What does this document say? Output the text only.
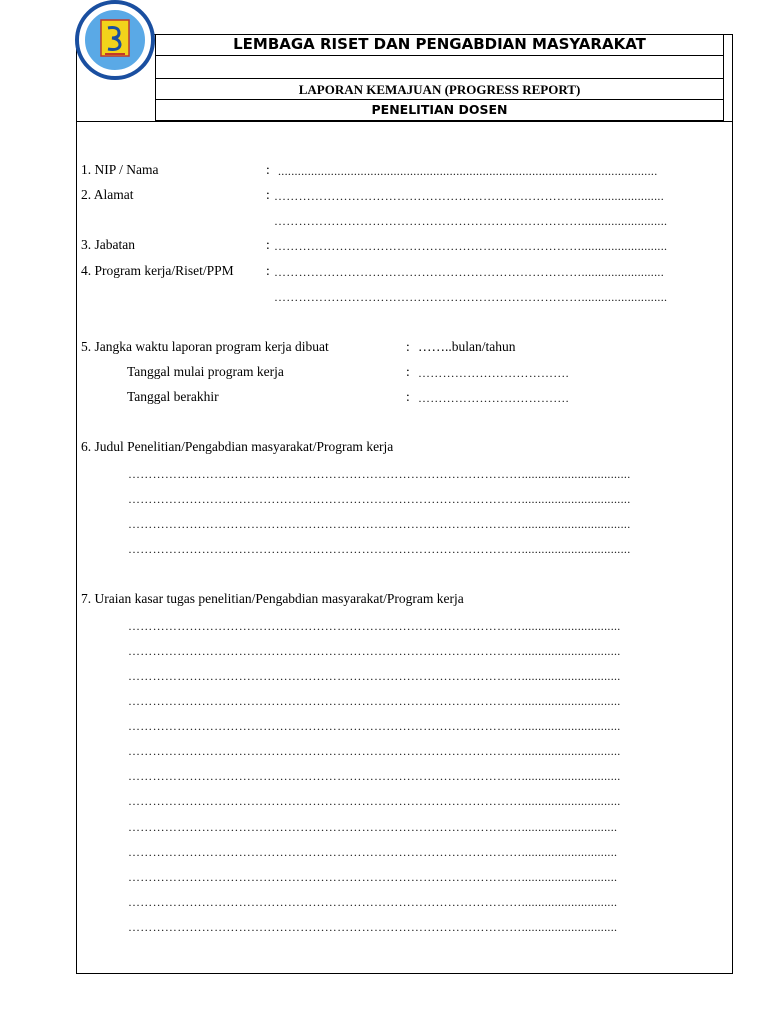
LEMBAGA RISET DAN PENGABDIAN MASYARAKAT
LAPORAN KEMAJUAN (PROGRESS REPORT)
PENELITIAN DOSEN
1. NIP / Nama	: ...................................................................................................................
2. Alamat	: ………………………………………………………………….........................
…………………………………………………………………..........................
3. Jabatan	: …………………………………………………………………..........................
4. Program kerja/Riset/PPM : ………………………………………………………………….........................
…………………………………………………………………..........................
5. Jangka waktu laporan program kerja dibuat	: ……..bulan/tahun
Tanggal mulai program kerja	: ……………………………….
Tanggal berakhir	: ……………………………….
6. Judul Penelitian/Pengabdian masyarakat/Program kerja
…………………………………………………………………………………….................................
…………………………………………………………………………………….................................
…………………………………………………………………………………….................................
…………………………………………………………………………………….................................
7. Uraian kasar tugas penelitian/Pengabdian masyarakat/Program kerja
……………………………………………………………………………………..............................
……………………………………………………………………………………..............................
……………………………………………………………………………………..............................
……………………………………………………………………………………..............................
……………………………………………………………………………………..............................
……………………………………………………………………………………..............................
……………………………………………………………………………………..............................
……………………………………………………………………………………..............................
…………………………………………………………………………………….............................
…………………………………………………………………………………….............................
…………………………………………………………………………………….............................
…………………………………………………………………………………….............................
…………………………………………………………………………………….............................
